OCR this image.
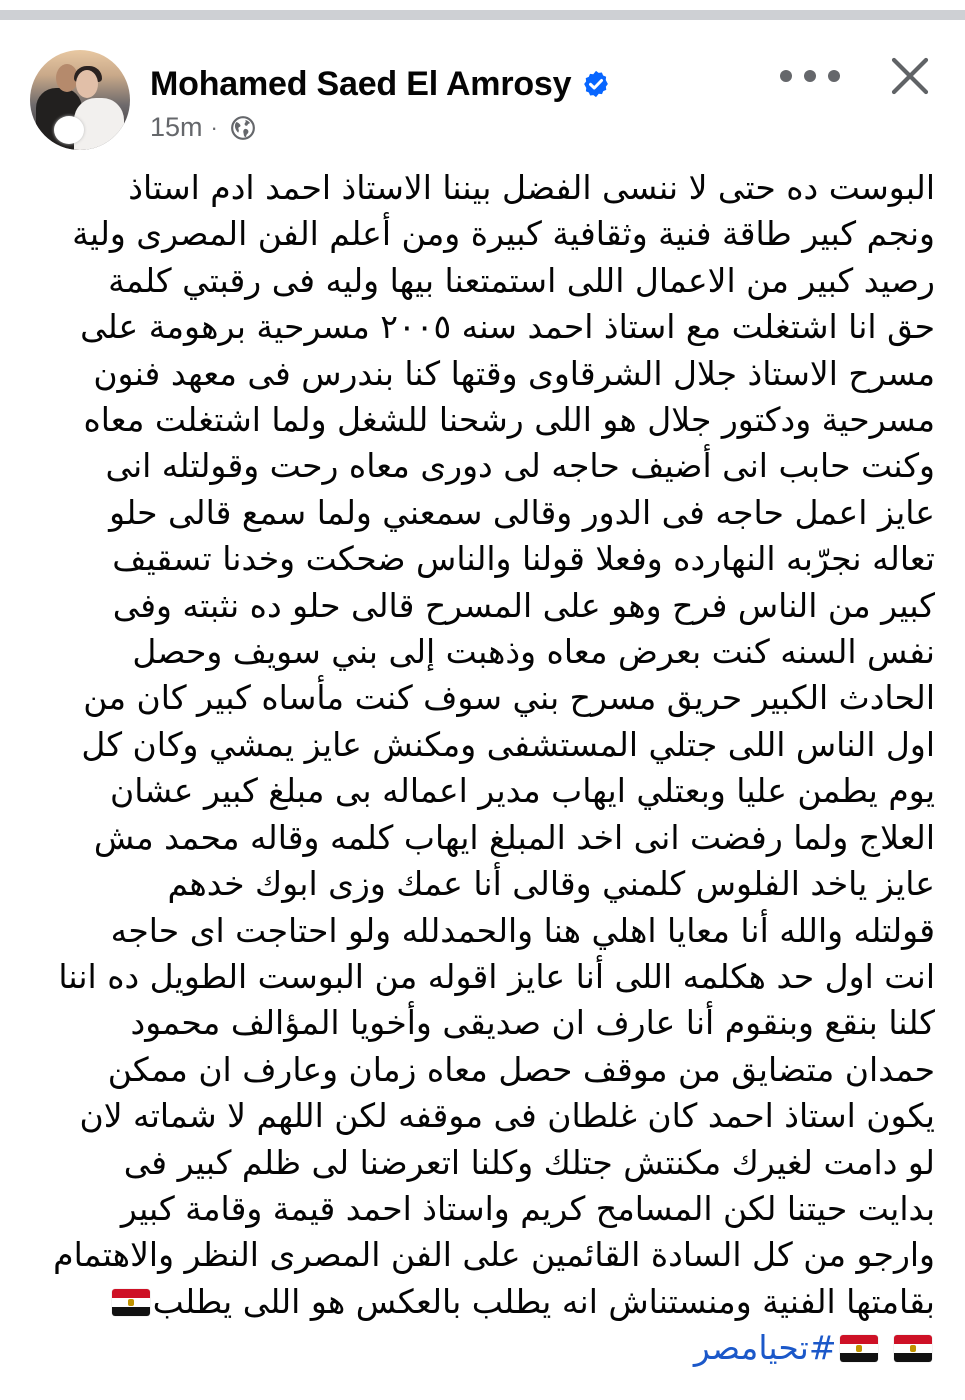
Mohamed Saed El Amrosy
15m ·
البوست ده حتى لا ننسى الفضل بيننا الاستاذ احمد ادم استاذ
ونجم كبير طاقة فنية وثقافية كبيرة ومن أعلم الفن المصرى ولية
رصيد كبير من الاعمال اللى استمتعنا بيها وليه فى رقبتي كلمة
حق انا اشتغلت مع استاذ احمد سنه ٢٠٠٥ مسرحية برهومة على
مسرح الاستاذ جلال الشرقاوى وقتها كنا بندرس فى معهد فنون
مسرحية ودكتور جلال هو اللى رشحنا للشغل ولما اشتغلت معاه
وكنت حابب انى أضيف حاجه لى دورى معاه رحت وقولتله انى
عايز اعمل حاجه فى الدور وقالى سمعني ولما سمع قالى حلو
تعاله نجرّبه النهارده وفعلا قولنا والناس ضحكت وخدنا تسقيف
كبير من الناس فرح وهو على المسرح قالى حلو ده نثبته وفى
نفس السنه كنت بعرض معاه وذهبت إلى بني سويف وحصل
الحادث الكبير حريق مسرح بني سوف كنت مأساه كبير كان من
اول الناس اللى جتلي المستشفى ومكنش عايز يمشي وكان كل
يوم يطمن عليا وبعتلي ايهاب مدير اعماله بى مبلغ كبير عشان
العلاج ولما رفضت انى اخد المبلغ ايهاب كلمه وقاله محمد مش
عايز ياخد الفلوس كلمني وقالى أنا عمك وزى ابوك خدهم
قولتله والله أنا معايا اهلي هنا والحمدلله ولو احتاجت اى حاجه
انت اول حد هكلمه اللى أنا عايز اقوله من البوست الطويل ده اننا
كلنا بنقع وبنقوم أنا عارف ان صديقى وأخويا المؤالف محمود
حمدان متضايق من موقف حصل معاه زمان وعارف ان ممكن
يكون استاذ احمد كان غلطان فى موقفه لكن اللهم لا شماته لان
لو دامت لغيرك مكنتش جتلك وكلنا اتعرضنا لى ظلم كبير فى
بدايت حيتنا لكن المسامح كريم واستاذ احمد قيمة وقامة كبير
وارجو من كل السادة القائمين على الفن المصرى النظر والاهتمام
بقامتها الفنية ومنستناش انه يطلب بالعكس هو اللى يطلب

#تحيامصر
